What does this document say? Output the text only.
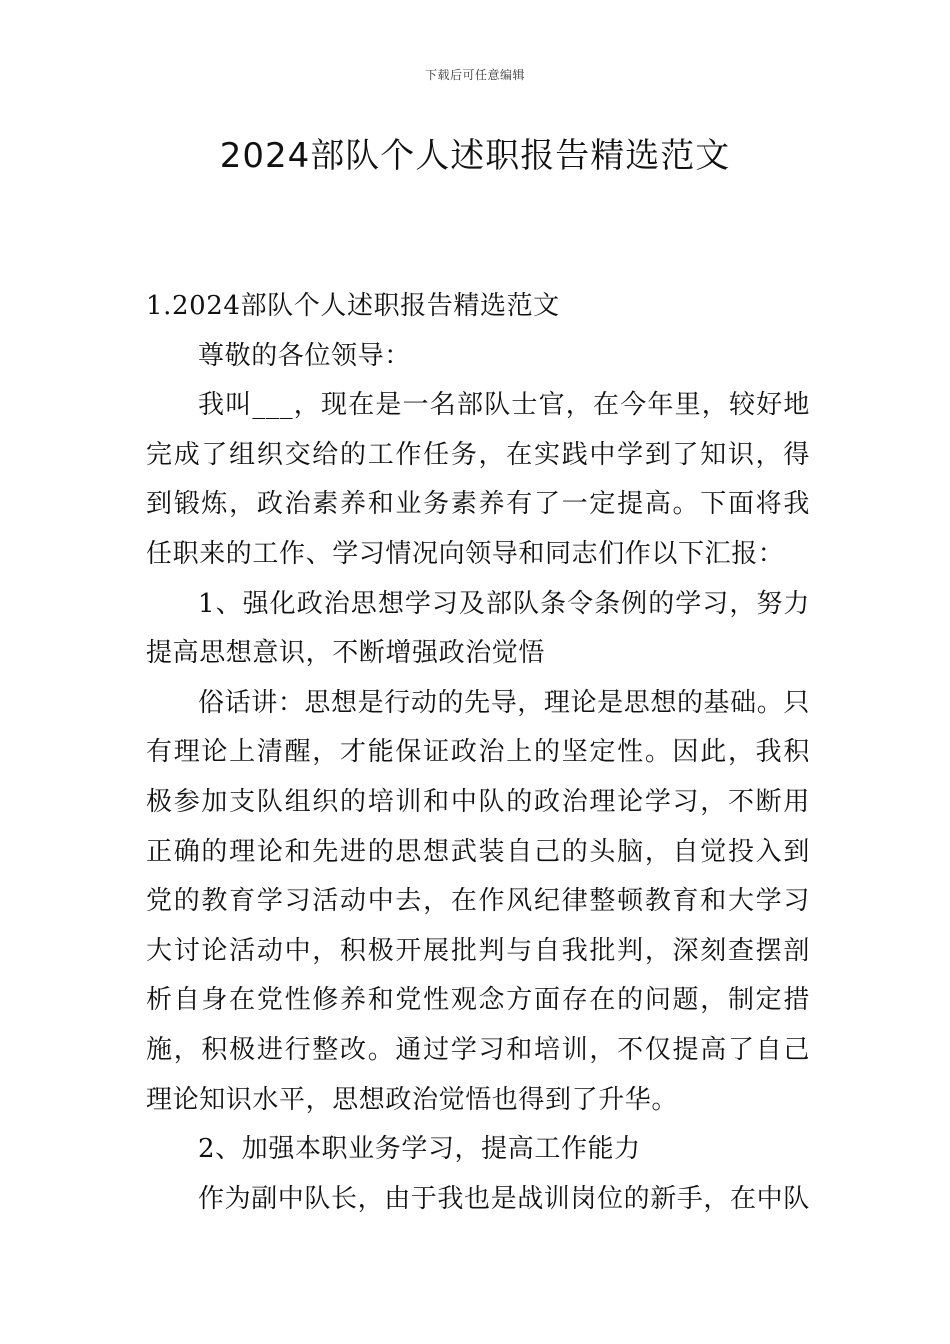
下载后可任意编辑
2024部队个人述职报告精选范文

1.2024部队个人述职报告精选范文

尊敬的各位领导：

我叫___，现在是一名部队士官，在今年里，较好地完成了组织交给的工作任务，在实践中学到了知识，得到锻炼，政治素养和业务素养有了一定提高。下面将我任职来的工作、学习情况向领导和同志们作以下汇报：

1、强化政治思想学习及部队条令条例的学习，努力提高思想意识，不断增强政治觉悟

俗话讲：思想是行动的先导，理论是思想的基础。只有理论上清醒，才能保证政治上的坚定性。因此，我积极参加支队组织的培训和中队的政治理论学习，不断用正确的理论和先进的思想武装自己的头脑，自觉投入到党的教育学习活动中去，在作风纪律整顿教育和大学习大讨论活动中，积极开展批判与自我批判，深刻查摆剖析自身在党性修养和党性观念方面存在的问题，制定措施，积极进行整改。通过学习和培训，不仅提高了自己理论知识水平，思想政治觉悟也得到了升华。

2、加强本职业务学习，提高工作能力

作为副中队长，由于我也是战训岗位的新手，在中队
